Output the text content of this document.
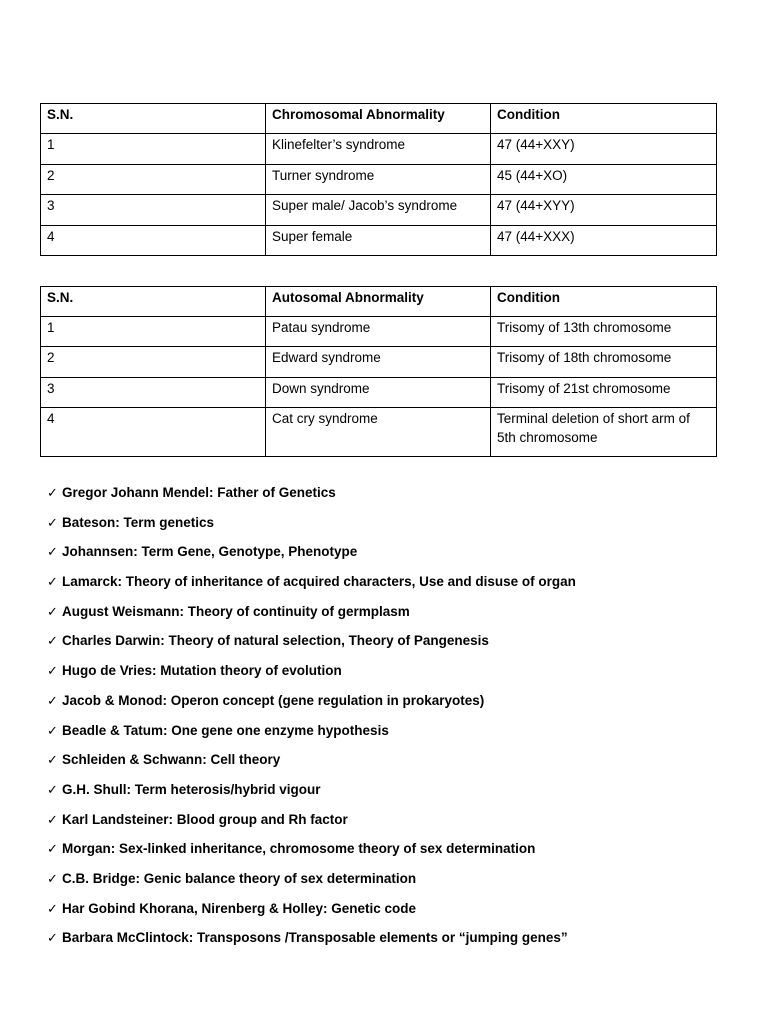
S.N.	Chromosomal Abnormality	Condition

1	Klinefelter’s syndrome	47 (44+XXY)

2	Turner syndrome	45 (44+XO)

3	Super male/ Jacob’s syndrome	47 (44+XYY)

4	Super female	47 (44+XXX)
S.N.	Autosomal Abnormality	Condition

1	Patau syndrome	Trisomy of 13th chromosome

2	Edward syndrome	Trisomy of 18th chromosome

3	Down syndrome	Trisomy of 21st chromosome

4	Cat cry syndrome	Terminal deletion of short arm of 5th chromosome
✓ Gregor Johann Mendel: Father of Genetics
✓ Bateson: Term genetics
✓ Johannsen: Term Gene, Genotype, Phenotype
✓ Lamarck: Theory of inheritance of acquired characters, Use and disuse of organ
✓ August Weismann: Theory of continuity of germplasm
✓ Charles Darwin: Theory of natural selection, Theory of Pangenesis
✓ Hugo de Vries: Mutation theory of evolution
✓ Jacob & Monod: Operon concept (gene regulation in prokaryotes)
✓ Beadle & Tatum: One gene one enzyme hypothesis
✓ Schleiden & Schwann: Cell theory
✓ G.H. Shull: Term heterosis/hybrid vigour
✓ Karl Landsteiner: Blood group and Rh factor
✓ Morgan: Sex-linked inheritance, chromosome theory of sex determination
✓ C.B. Bridge: Genic balance theory of sex determination
✓ Har Gobind Khorana, Nirenberg & Holley: Genetic code
✓ Barbara McClintock: Transposons /Transposable elements or “jumping genes”
